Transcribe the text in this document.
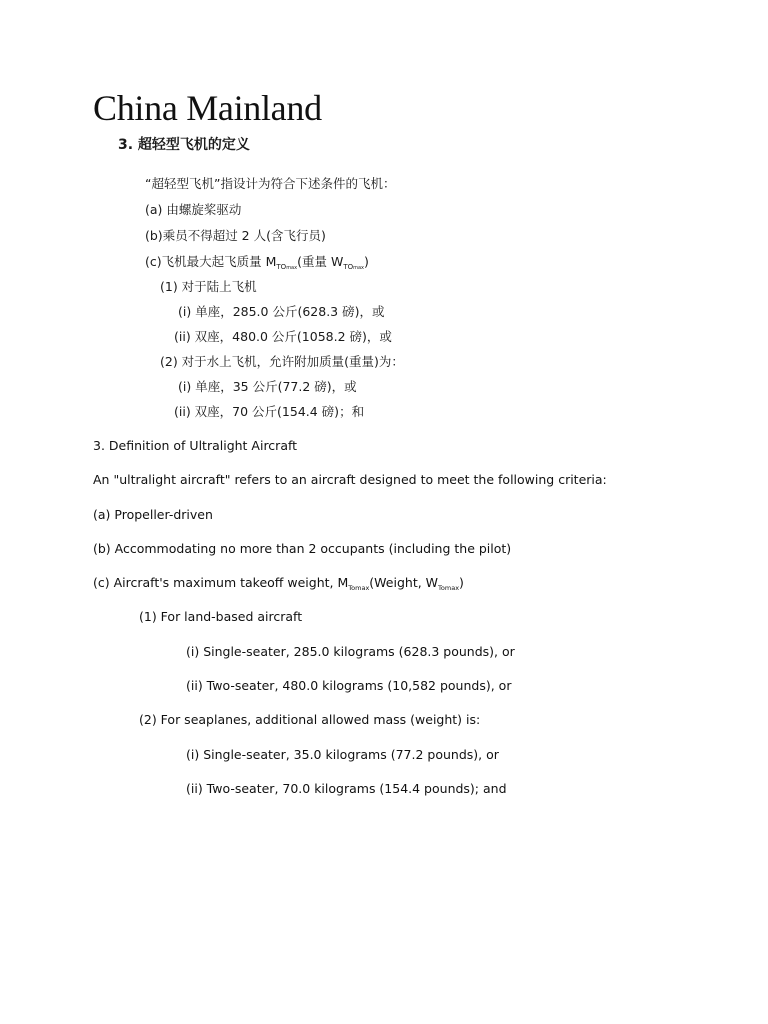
China Mainland
3. 超轻型飞机的定义
“超轻型飞机”指设计为符合下述条件的飞机：
(a) 由螺旋桨驱动
(b)乘员不得超过 2 人(含飞行员)
(c)飞机最大起飞质量 $M_{TOmax}$(重量 $W_{TOmax}$)
(1) 对于陆上飞机
(i) 单座，285.0 公斤(628.3 磅)，或
(ii) 双座，480.0 公斤(1058.2 磅)，或
(2) 对于水上飞机，允许附加质量(重量)为：
(i) 单座，35 公斤(77.2 磅)，或
(ii) 双座，70 公斤(154.4 磅)；和
3. Definition of Ultralight Aircraft
An "ultralight aircraft" refers to an aircraft designed to meet the following criteria:
(a) Propeller-driven
(b) Accommodating no more than 2 occupants (including the pilot)
(c) Aircraft's maximum takeoff weight, $M_{Tomax}(Weight$, $W_{Tomax}$)
(1) For land-based aircraft
(i) Single-seater, 285.0 kilograms (628.3 pounds), or
(ii) Two-seater, 480.0 kilograms (10,582 pounds), or
(2) For seaplanes, additional allowed mass (weight) is:
(i) Single-seater, 35.0 kilograms (77.2 pounds), or
(ii) Two-seater, 70.0 kilograms (154.4 pounds); and
